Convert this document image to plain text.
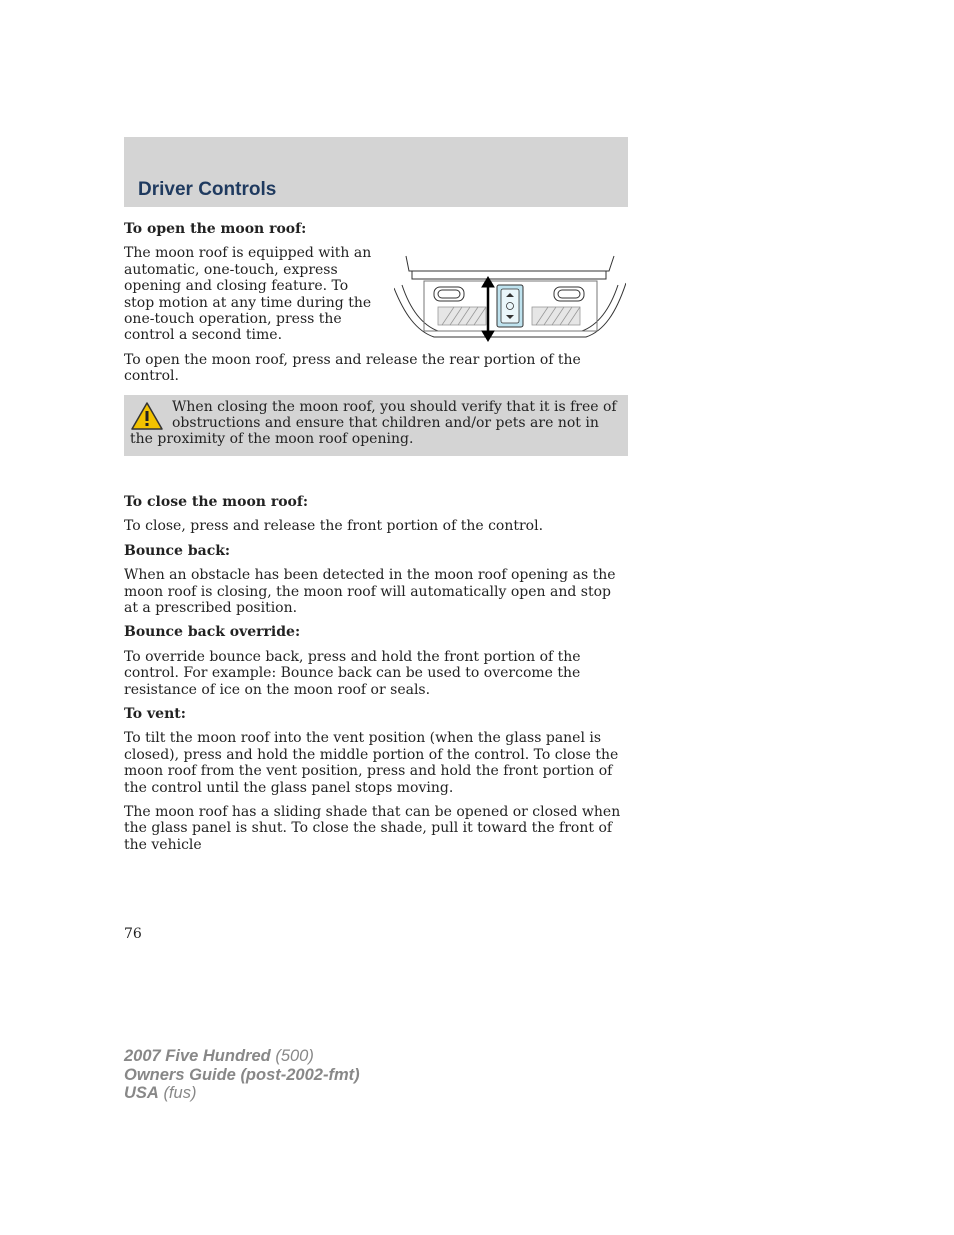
Driver Controls
To open the moon roof:
The moon roof is equipped with an automatic, one-touch, express opening and closing feature. To stop motion at any time during the one-touch operation, press the control a second time.
To open the moon roof, press and release the rear portion of the control.
When closing the moon roof, you should verify that it is free of obstructions and ensure that children and/or pets are not in the proximity of the moon roof opening.
To close the moon roof:
To close, press and release the front portion of the control.
Bounce back:
When an obstacle has been detected in the moon roof opening as the moon roof is closing, the moon roof will automatically open and stop at a prescribed position.
Bounce back override:
To override bounce back, press and hold the front portion of the control. For example: Bounce back can be used to overcome the resistance of ice on the moon roof or seals.
To vent:
To tilt the moon roof into the vent position (when the glass panel is closed), press and hold the middle portion of the control. To close the moon roof from the vent position, press and hold the front portion of the control until the glass panel stops moving.
The moon roof has a sliding shade that can be opened or closed when the glass panel is shut. To close the shade, pull it toward the front of the vehicle
76
2007 Five Hundred (500)
Owners Guide (post-2002-fmt)
USA (fus)
